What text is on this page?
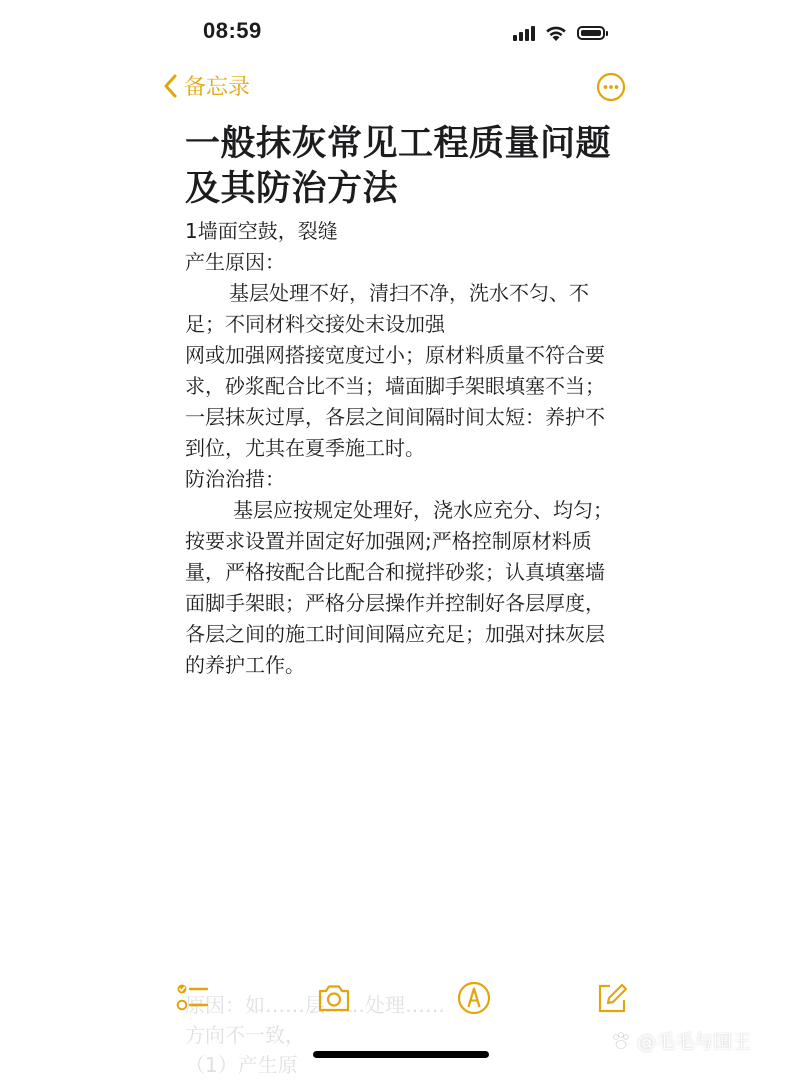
08:59
备忘录
一般抹灰常见工程质量问题及其防治方法

1墙面空鼓，裂缝

产生原因：

基层处理不好，清扫不净，洗水不匀、不足；不同材料交接处末设加强

网或加强网搭接宽度过小；原材料质量不符合要求，砂浆配合比不当；墙面脚手架眼填塞不当；一层抹灰过厚，各层之间间隔时间太短：养护不到位，尤其在夏季施工时。

防治治措：

基层应按规定处理好，浇水应充分、均匀；按要求设置并固定好加强网;严格控制原材料质量，严格按配合比配合和搅拌砂浆；认真填塞墙面脚手架眼；严格分层操作并控制好各层厚度，各层之间的施工时间间隔应充足；加强对抹灰层的养护工作。

原因：如……层……处理……
方向不一致，
（1）产生原
@毛毛与国王
